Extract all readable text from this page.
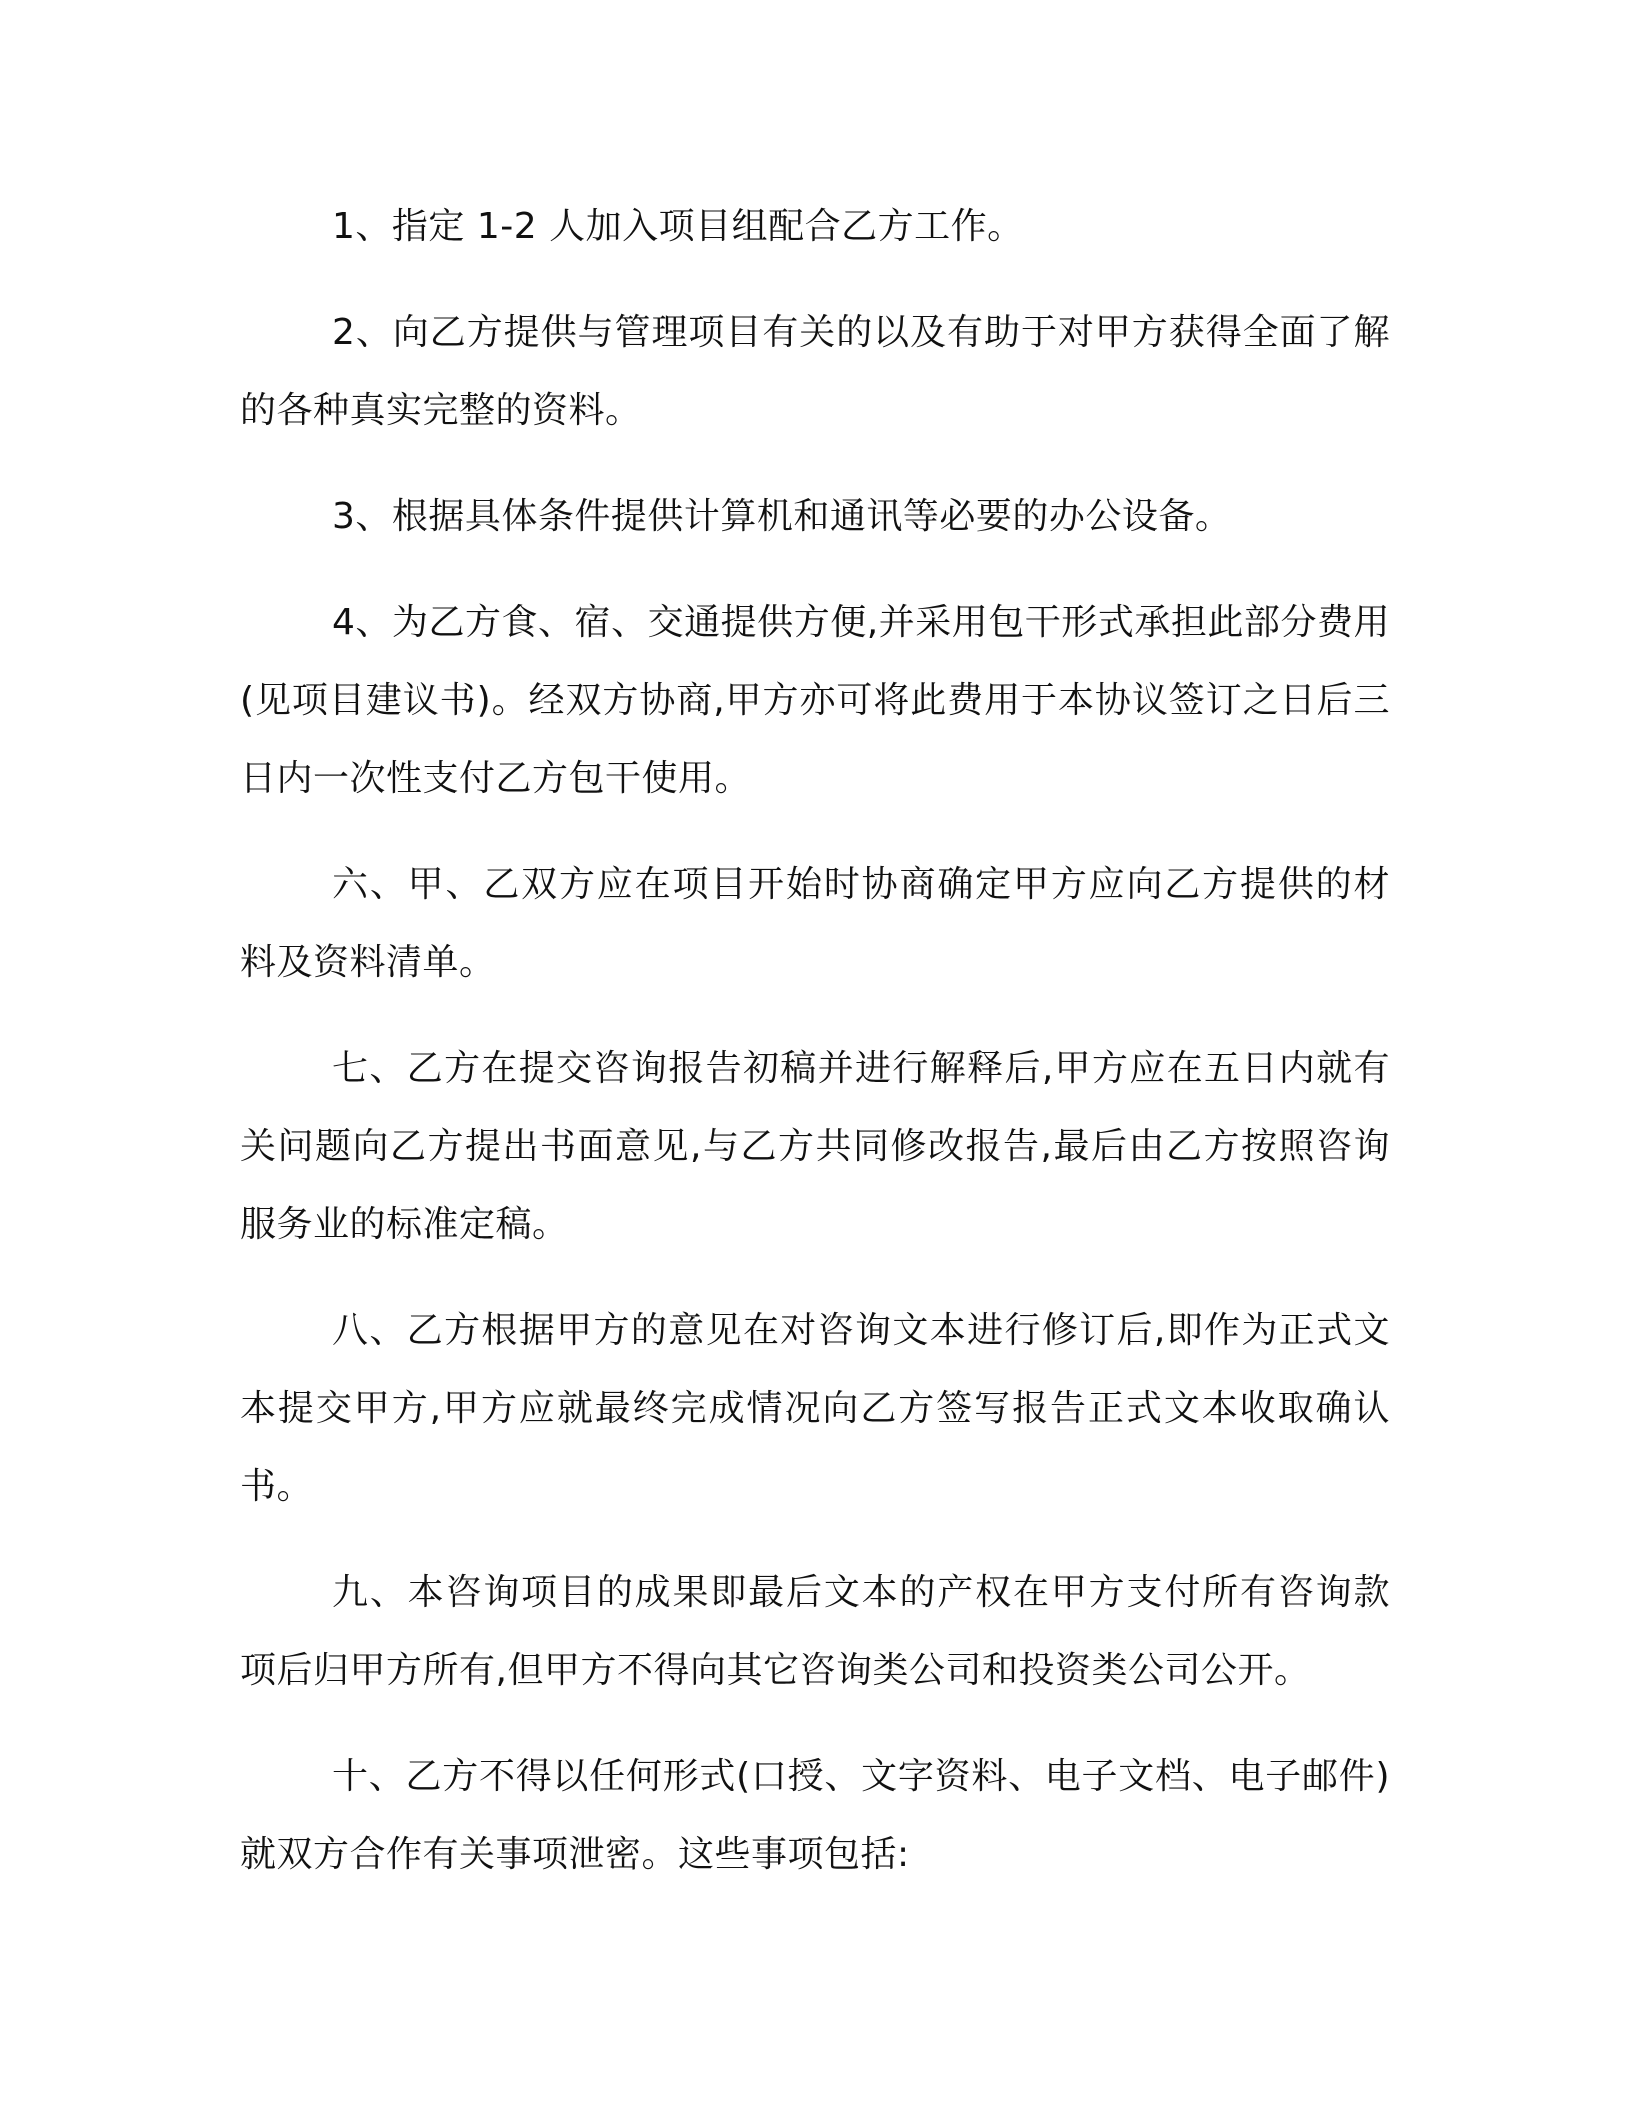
1、指定 1-2 人加入项目组配合乙方工作。

2、向乙方提供与管理项目有关的以及有助于对甲方获得全面了解的各种真实完整的资料。

3、根据具体条件提供计算机和通讯等必要的办公设备。

4、为乙方食、宿、交通提供方便,并采用包干形式承担此部分费用(见项目建议书)。经双方协商,甲方亦可将此费用于本协议签订之日后三日内一次性支付乙方包干使用。

六、甲、乙双方应在项目开始时协商确定甲方应向乙方提供的材料及资料清单。

七、乙方在提交咨询报告初稿并进行解释后,甲方应在五日内就有关问题向乙方提出书面意见,与乙方共同修改报告,最后由乙方按照咨询服务业的标准定稿。

八、乙方根据甲方的意见在对咨询文本进行修订后,即作为正式文本提交甲方,甲方应就最终完成情况向乙方签写报告正式文本收取确认书。

九、本咨询项目的成果即最后文本的产权在甲方支付所有咨询款项后归甲方所有,但甲方不得向其它咨询类公司和投资类公司公开。

十、乙方不得以任何形式(口授、文字资料、电子文档、电子邮件)就双方合作有关事项泄密。这些事项包括:
